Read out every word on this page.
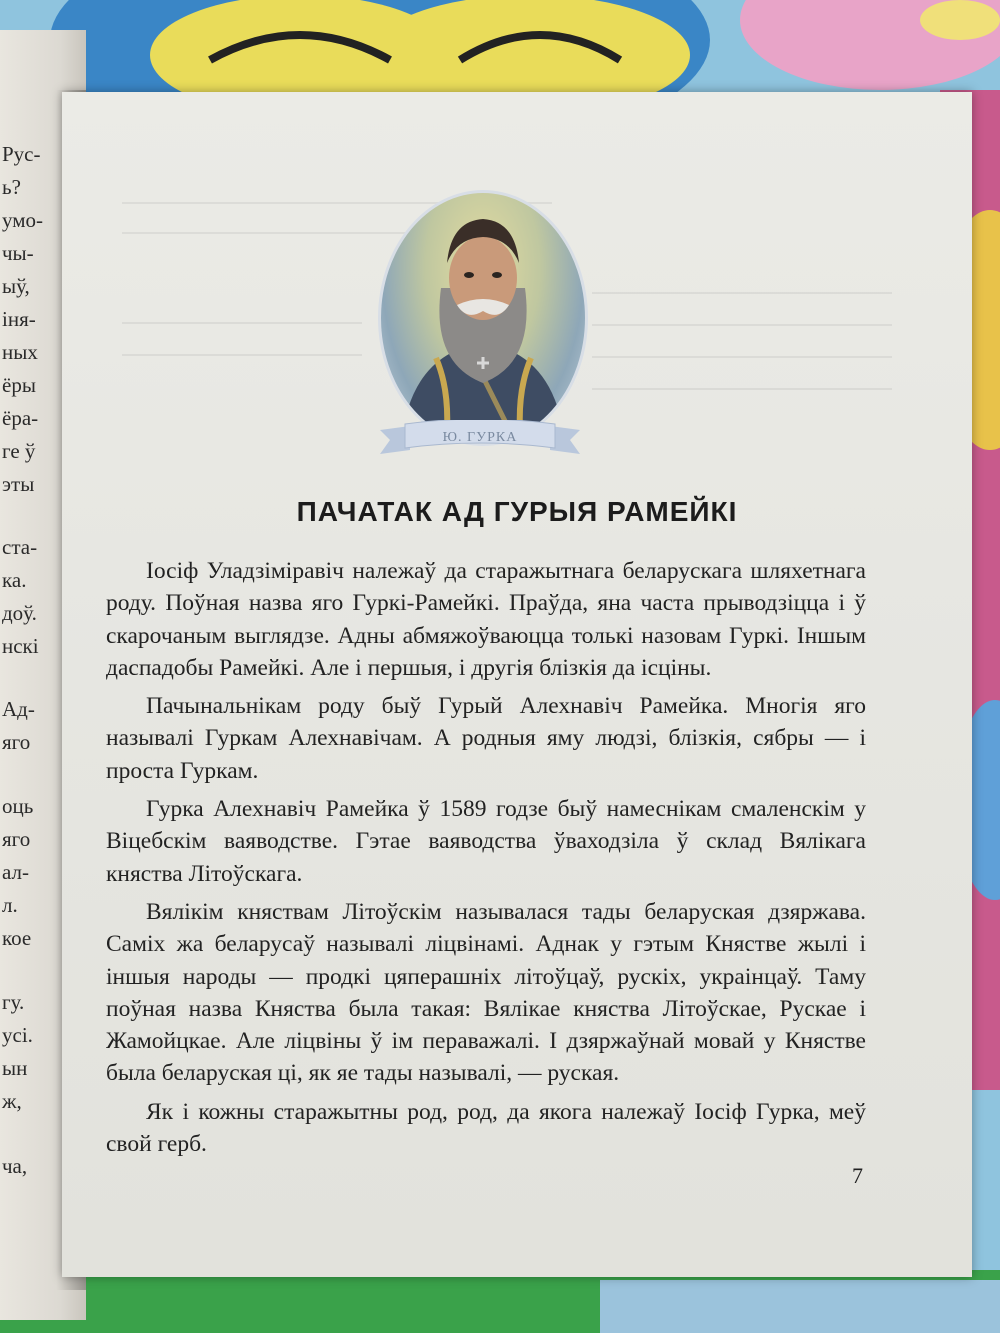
Рус-
ь?
умо-
чы-
ыў,
іня-
ных
ёры
ёра-
ге ў
эты
ста-
ка.
доў.
нскі
Ад-
яго
оць
яго
ал-
л.
кое
гу.
усі.
ын
ж,
ча,
Ю. ГУРКА
ПАЧАТАК АД ГУРЫЯ РАМЕЙКІ

Іосіф Уладзіміравіч належаў да старажытнага беларускага шляхетнага роду. Поўная назва яго Гуркі-Рамейкі. Праўда, яна часта прыводзіцца і ў скарочаным выглядзе. Адны абмяжоўваюцца толькі назовам Гуркі. Іншым даспадобы Рамейкі. Але і першыя, і другія блізкія да ісціны.

Пачынальнікам роду быў Гурый Алехнавіч Рамейка. Многія яго называлі Гуркам Алехнавічам. А родныя яму людзі, блізкія, сябры — і проста Гуркам.

Гурка Алехнавіч Рамейка ў 1589 годзе быў намеснікам смаленскім у Віцебскім ваяводстве. Гэтае ваяводства ўваходзіла ў склад Вялікага княства Літоўскага.

Вялікім княствам Літоўскім называлася тады беларуская дзяржава. Саміх жа беларусаў называлі ліцвінамі. Аднак у гэтым Княстве жылі і іншыя народы — продкі цяперашніх літоўцаў, рускіх, украінцаў. Таму поўная назва Княства была такая: Вялікае княства Літоўскае, Рускае і Жамойцкае. Але ліцвіны ў ім пераважалі. І дзяржаўнай мовай у Княстве была беларуская ці, як яе тады называлі, — руская.

Як і кожны старажытны род, род, да якога належаў Іосіф Гурка, меў свой герб.

7
